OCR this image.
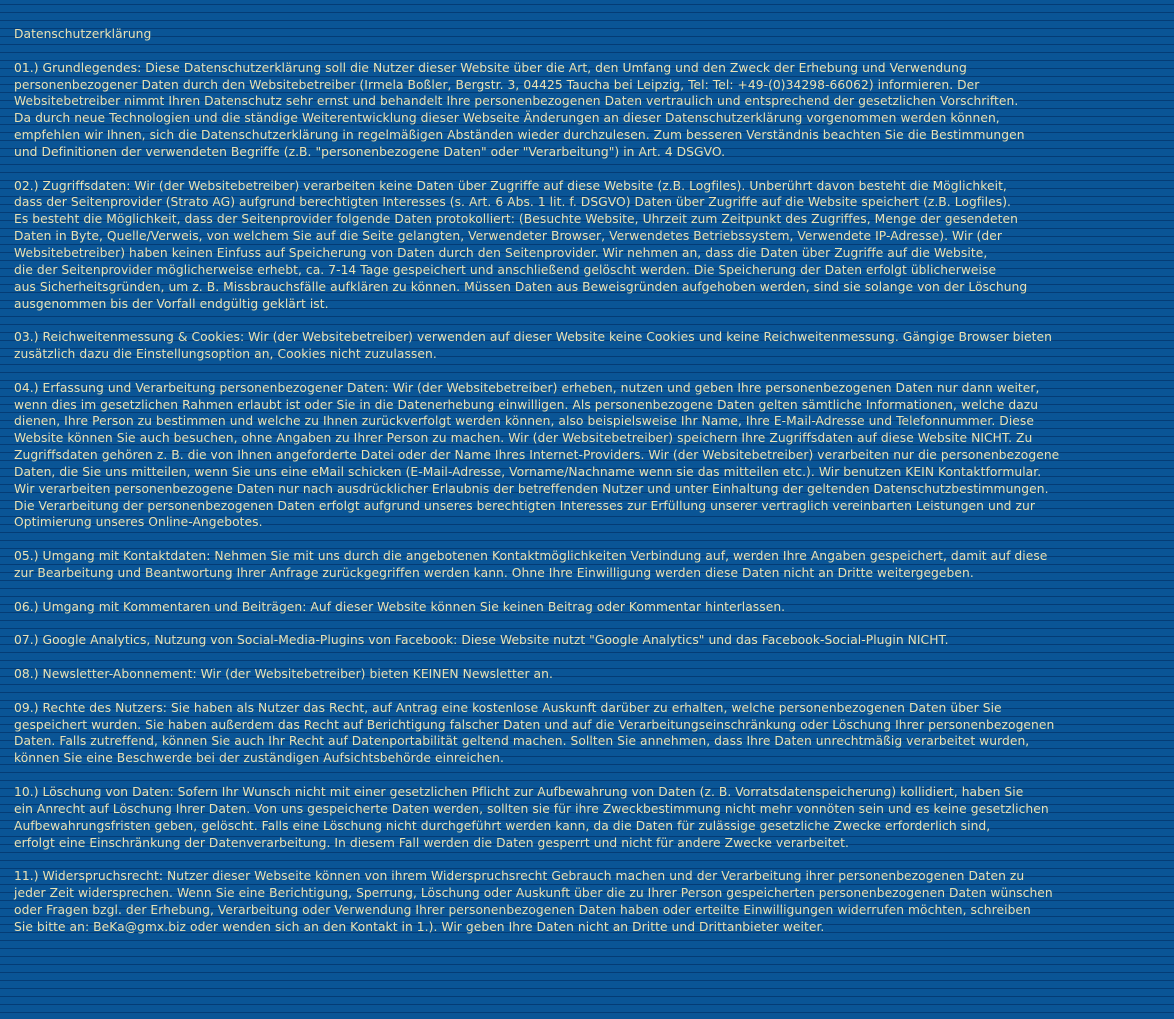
Datenschutzerklärung
01.) Grundlegendes: Diese Datenschutzerklärung soll die Nutzer dieser Website über die Art, den Umfang und den Zweck der Erhebung und Verwendung
personenbezogener Daten durch den Websitebetreiber (Irmela Boßler, Bergstr. 3, 04425 Taucha bei Leipzig, Tel: Tel: +49-(0)34298-66062) informieren. Der
Websitebetreiber nimmt Ihren Datenschutz sehr ernst und behandelt Ihre personenbezogenen Daten vertraulich und entsprechend der gesetzlichen Vorschriften.
Da durch neue Technologien und die ständige Weiterentwicklung dieser Webseite Änderungen an dieser Datenschutzerklärung vorgenommen werden können,
empfehlen wir Ihnen, sich die Datenschutzerklärung in regelmäßigen Abständen wieder durchzulesen. Zum besseren Verständnis beachten Sie die Bestimmungen
und Definitionen der verwendeten Begriffe (z.B. "personenbezogene Daten" oder "Verarbeitung") in Art. 4 DSGVO.
02.) Zugriffsdaten: Wir (der Websitebetreiber) verarbeiten keine Daten über Zugriffe auf diese Website (z.B. Logfiles). Unberührt davon besteht die Möglichkeit,
dass der Seitenprovider (Strato AG) aufgrund berechtigten Interesses (s. Art. 6 Abs. 1 lit. f. DSGVO) Daten über Zugriffe auf die Website speichert (z.B. Logfiles).
Es besteht die Möglichkeit, dass der Seitenprovider folgende Daten protokolliert: (Besuchte Website, Uhrzeit zum Zeitpunkt des Zugriffes, Menge der gesendeten
Daten in Byte, Quelle/Verweis, von welchem Sie auf die Seite gelangten, Verwendeter Browser, Verwendetes Betriebssystem, Verwendete IP-Adresse). Wir (der
Websitebetreiber) haben keinen Einfuss auf Speicherung von Daten durch den Seitenprovider. Wir nehmen an, dass die Daten über Zugriffe auf die Website,
die der Seitenprovider möglicherweise erhebt, ca. 7-14 Tage gespeichert und anschließend gelöscht werden. Die Speicherung der Daten erfolgt üblicherweise
aus Sicherheitsgründen, um z. B. Missbrauchsfälle aufklären zu können. Müssen Daten aus Beweisgründen aufgehoben werden, sind sie solange von der Löschung
ausgenommen bis der Vorfall endgültig geklärt ist.
03.) Reichweitenmessung & Cookies: Wir (der Websitebetreiber) verwenden auf dieser Website keine Cookies und keine Reichweitenmessung. Gängige Browser bieten
zusätzlich dazu die Einstellungsoption an, Cookies nicht zuzulassen.
04.) Erfassung und Verarbeitung personenbezogener Daten: Wir (der Websitebetreiber) erheben, nutzen und geben Ihre personenbezogenen Daten nur dann weiter,
wenn dies im gesetzlichen Rahmen erlaubt ist oder Sie in die Datenerhebung einwilligen. Als personenbezogene Daten gelten sämtliche Informationen, welche dazu
dienen, Ihre Person zu bestimmen und welche zu Ihnen zurückverfolgt werden können, also beispielsweise Ihr Name, Ihre E-Mail-Adresse und Telefonnummer. Diese
Website können Sie auch besuchen, ohne Angaben zu Ihrer Person zu machen. Wir (der Websitebetreiber) speichern Ihre Zugriffsdaten auf diese Website NICHT. Zu
Zugriffsdaten gehören z. B. die von Ihnen angeforderte Datei oder der Name Ihres Internet-Providers. Wir (der Websitebetreiber) verarbeiten nur die personenbezogene
Daten, die Sie uns mitteilen, wenn Sie uns eine eMail schicken (E-Mail-Adresse, Vorname/Nachname wenn sie das mitteilen etc.). Wir benutzen KEIN Kontaktformular.
Wir verarbeiten personenbezogene Daten nur nach ausdrücklicher Erlaubnis der betreffenden Nutzer und unter Einhaltung der geltenden Datenschutzbestimmungen.
Die Verarbeitung der personenbezogenen Daten erfolgt aufgrund unseres berechtigten Interesses zur Erfüllung unserer vertraglich vereinbarten Leistungen und zur
Optimierung unseres Online-Angebotes.
05.) Umgang mit Kontaktdaten: Nehmen Sie mit uns durch die angebotenen Kontaktmöglichkeiten Verbindung auf, werden Ihre Angaben gespeichert, damit auf diese
zur Bearbeitung und Beantwortung Ihrer Anfrage zurückgegriffen werden kann. Ohne Ihre Einwilligung werden diese Daten nicht an Dritte weitergegeben.
06.) Umgang mit Kommentaren und Beiträgen: Auf dieser Website können Sie keinen Beitrag oder Kommentar hinterlassen.
07.) Google Analytics, Nutzung von Social-Media-Plugins von Facebook: Diese Website nutzt "Google Analytics" und das Facebook-Social-Plugin NICHT.
08.) Newsletter-Abonnement: Wir (der Websitebetreiber) bieten KEINEN Newsletter an.
09.) Rechte des Nutzers: Sie haben als Nutzer das Recht, auf Antrag eine kostenlose Auskunft darüber zu erhalten, welche personenbezogenen Daten über Sie
gespeichert wurden. Sie haben außerdem das Recht auf Berichtigung falscher Daten und auf die Verarbeitungseinschränkung oder Löschung Ihrer personenbezogenen
Daten. Falls zutreffend, können Sie auch Ihr Recht auf Datenportabilität geltend machen. Sollten Sie annehmen, dass Ihre Daten unrechtmäßig verarbeitet wurden,
können Sie eine Beschwerde bei der zuständigen Aufsichtsbehörde einreichen.
10.) Löschung von Daten: Sofern Ihr Wunsch nicht mit einer gesetzlichen Pflicht zur Aufbewahrung von Daten (z. B. Vorratsdatenspeicherung) kollidiert, haben Sie
ein Anrecht auf Löschung Ihrer Daten. Von uns gespeicherte Daten werden, sollten sie für ihre Zweckbestimmung nicht mehr vonnöten sein und es keine gesetzlichen
Aufbewahrungsfristen geben, gelöscht. Falls eine Löschung nicht durchgeführt werden kann, da die Daten für zulässige gesetzliche Zwecke erforderlich sind,
erfolgt eine Einschränkung der Datenverarbeitung. In diesem Fall werden die Daten gesperrt und nicht für andere Zwecke verarbeitet.
11.) Widerspruchsrecht: Nutzer dieser Webseite können von ihrem Widerspruchsrecht Gebrauch machen und der Verarbeitung ihrer personenbezogenen Daten zu
jeder Zeit widersprechen. Wenn Sie eine Berichtigung, Sperrung, Löschung oder Auskunft über die zu Ihrer Person gespeicherten personenbezogenen Daten wünschen
oder Fragen bzgl. der Erhebung, Verarbeitung oder Verwendung Ihrer personenbezogenen Daten haben oder erteilte Einwilligungen widerrufen möchten, schreiben
Sie bitte an: BeKa@gmx.biz oder wenden sich an den Kontakt in 1.). Wir geben Ihre Daten nicht an Dritte und Drittanbieter weiter.
